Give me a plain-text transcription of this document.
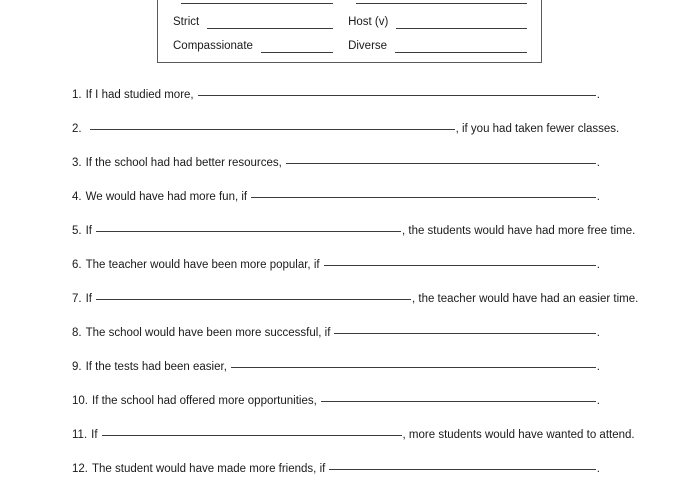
Strict	Host (v)
Compassionate	Diverse
1. If I had studied more,	.
2.	, if you had taken fewer classes.
3. If the school had had better resources,	.
4. We would have had more fun, if	.
5. If	, the students would have had more free time.
6. The teacher would have been more popular, if	.
7. If	, the teacher would have had an easier time.
8. The school would have been more successful, if	.
9. If the tests had been easier,	.
10. If the school had offered more opportunities,	.
11. If	, more students would have wanted to attend.
12. The student would have made more friends, if	.
